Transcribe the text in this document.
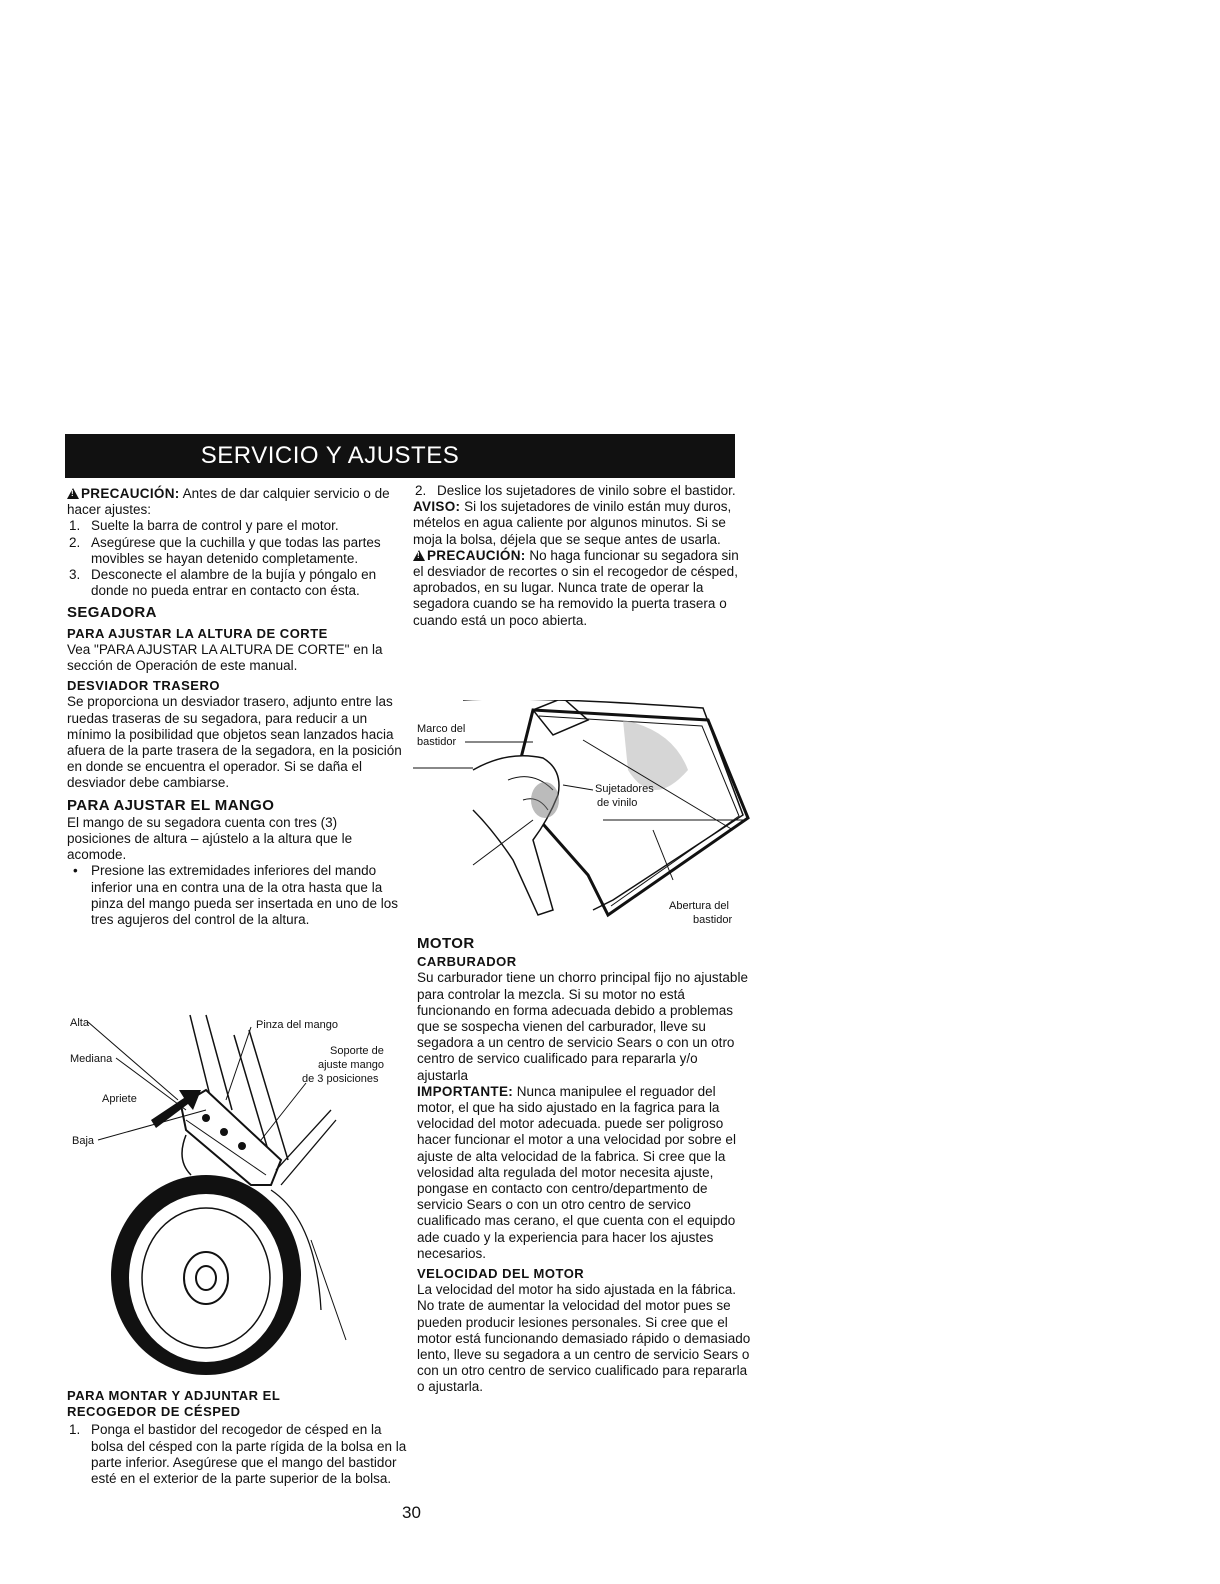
SERVICIO Y AJUSTES

!PRECAUCIÓN: Antes de dar calquier servicio o de hacer ajustes:

1. Suelte la barra de control y pare el motor.
2. Asegúrese que la cuchilla y que todas las partes movibles se hayan detenido completamente.
3. Desconecte el alambre de la bujía y póngalo en donde no pueda entrar en contacto con ésta.
SEGADORA
PARA AJUSTAR LA ALTURA DE CORTE

Vea "PARA AJUSTAR LA ALTURA DE CORTE" en la sección de Operación de este manual.

DESVIADOR TRASERO

Se proporciona un desviador trasero, adjunto entre las ruedas traseras de su segadora, para reducir a un mínimo la posibilidad que objetos sean lanzados hacia afuera de la parte trasera de la segadora, en la posición en donde se encuentra el operador. Si se daña el desviador debe cambiarse.

PARA AJUSTAR EL MANGO

El mango de su segadora cuenta con tres (3) posiciones de altura – ajústelo a la altura que le acomode.

• Presione las extremidades inferiores del mando inferior una en contra una de la otra hasta que la pinza del mango pueda ser insertada en uno de los tres agujeros del control de la altura.
Alta
Mediana
Apriete
Baja
Pinza del mango
Soporte de
ajuste mango
de 3 posiciones
PARA MONTAR Y ADJUNTAR EL
RECOGEDOR DE CÉSPED
1. Ponga el bastidor del recogedor de césped en la bolsa del césped con la parte rígida de la bolsa en la parte inferior. Asegúrese que el mango del bastidor esté en el exterior de la parte superior de la bolsa.
2. Deslice los sujetadores de vinilo sobre el bastidor.

AVISO: Si los sujetadores de vinilo están muy duros, mételos en agua caliente por algunos minutos. Si se moja la bolsa, déjela que se seque antes de usarla.

!PRECAUCIÓN: No haga funcionar su segadora sin el desviador de recortes o sin el recogedor de césped, aprobados, en su lugar. Nunca trate de operar la segadora cuando se ha removido la puerta trasera o cuando está un poco abierta.

Marco del
bastidor
Sujetadores
de vinilo
Abertura del
bastidor
MOTOR
CARBURADOR

Su carburador tiene un chorro principal fijo no ajustable para controlar la mezcla. Si su motor no está funcionando en forma adecuada debido a problemas que se sospecha vienen del carburador, lleve su segadora a un centro de servicio Sears o con un otro centro de servico cualificado para repararla y/o ajustarla

IMPORTANTE: Nunca manipulee el reguador del motor, el que ha sido ajustado en la fagrica para la velocidad del motor adecuada. puede ser poligroso hacer funcionar el motor a una velocidad por sobre el ajuste de alta velocidad de la fabrica. Si cree que la velosidad alta regulada del motor necesita ajuste, pongase en contacto con centro/departmento de servicio Sears o con un otro centro de servico cualificado mas cerano, el que cuenta con el equipdo ade cuado y la experiencia para hacer los ajustes necesarios.

VELOCIDAD DEL MOTOR

La velocidad del motor ha sido ajustada en la fábrica. No trate de aumentar la velocidad del motor pues se pueden producir lesiones personales. Si cree que el motor está funcionando demasiado rápido o demasiado lento, lleve su segadora a un centro de servicio Sears o con un otro centro de servico cualificado para repararla o ajustarla.

30
